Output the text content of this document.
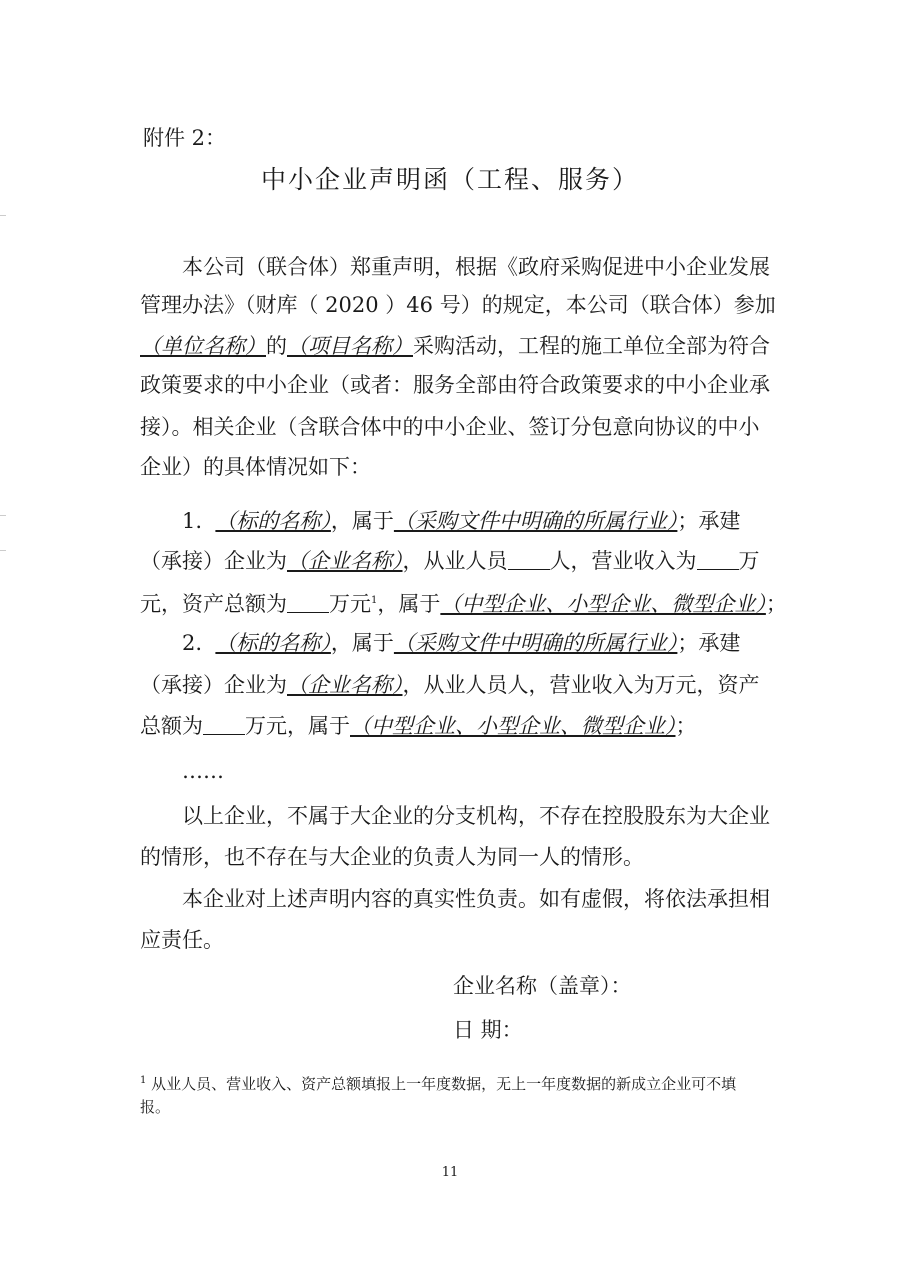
附件 2：
中小企业声明函（工程、服务）
本公司（联合体）郑重声明，根据《政府采购促进中小企业发展
管理办法》（财库（ 2020 ）46 号）的规定，本公司（联合体）参加
（单位名称）的（项目名称）采购活动，工程的施工单位全部为符合
政策要求的中小企业（或者：服务全部由符合政策要求的中小企业承
接）。相关企业（含联合体中的中小企业、签订分包意向协议的中小
企业）的具体情况如下：
1. （标的名称），属于（采购文件中明确的所属行业）；承建
（承接）企业为（企业名称），从业人员 人，营业收入为 万
元，资产总额为 万元$^1$，属于（中型企业、小型企业、微型企业）；
2. （标的名称），属于（采购文件中明确的所属行业）；承建
（承接）企业为（企业名称），从业人员人，营业收入为万元，资产
总额为 万元，属于（中型企业、小型企业、微型企业）；
……
以上企业，不属于大企业的分支机构，不存在控股股东为大企业
的情形，也不存在与大企业的负责人为同一人的情形。
本企业对上述声明内容的真实性负责。如有虚假，将依法承担相
应责任。
企业名称（盖章）：
日 期：
$^1$ 从业人员、营业收入、资产总额填报上一年度数据，无上一年度数据的新成立企业可不填
报。
11
